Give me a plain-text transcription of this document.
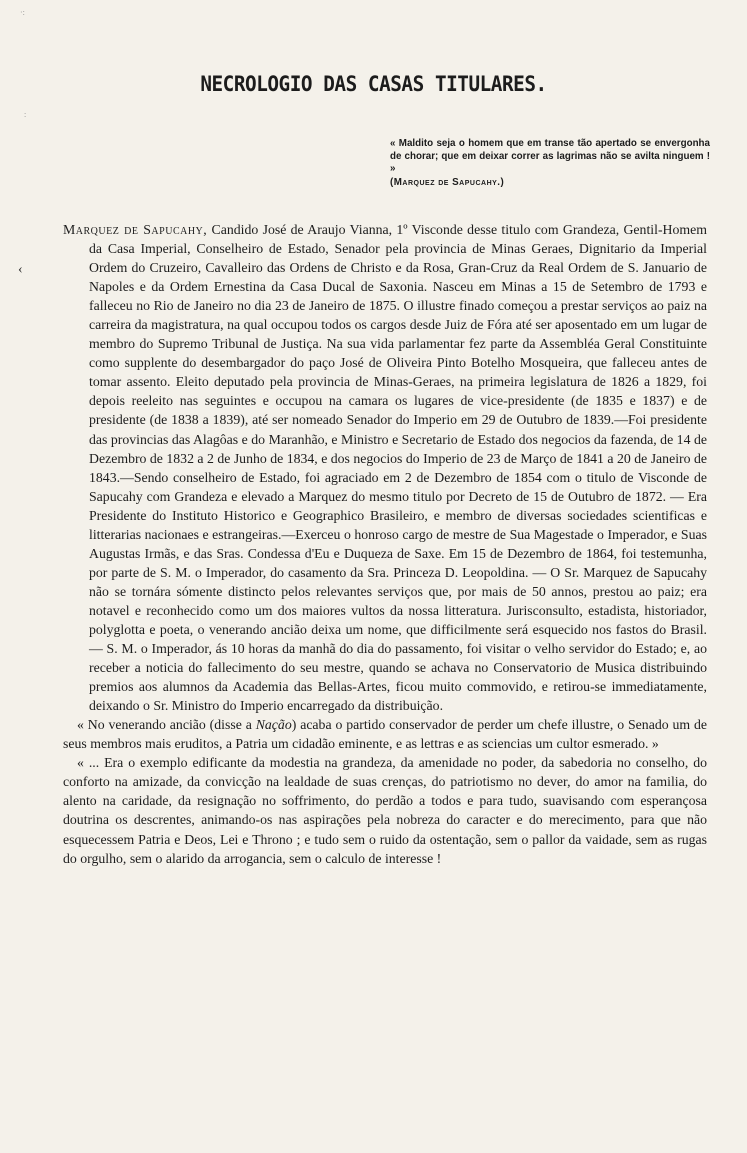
·:
:
‹
NECROLOGIO DAS CASAS TITULARES.
« Maldito seja o homem que em transe tão apertado se envergonha de chorar; que em deixar correr as lagrimas não se avilta ninguem ! »
(Marquez de Sapucahy.)

Marquez de Sapucahy, Candido José de Araujo Vianna, 1º Visconde desse titulo com Grandeza, Gentil-Homem da Casa Imperial, Conselheiro de Estado, Senador pela provincia de Minas Geraes, Dignitario da Imperial Ordem do Cruzeiro, Cavalleiro das Ordens de Christo e da Rosa, Gran-Cruz da Real Ordem de S. Januario de Napoles e da Ordem Ernestina da Casa Ducal de Saxonia. Nasceu em Minas a 15 de Setembro de 1793 e falleceu no Rio de Janeiro no dia 23 de Janeiro de 1875. O illustre finado começou a prestar serviços ao paiz na carreira da magistratura, na qual occupou todos os cargos desde Juiz de Fóra até ser aposentado em um lugar de membro do Supremo Tribunal de Justiça. Na sua vida parlamentar fez parte da Assembléa Geral Constituinte como supplente do desembargador do paço José de Oliveira Pinto Botelho Mosqueira, que falleceu antes de tomar assento. Eleito deputado pela provincia de Minas-Geraes, na primeira legislatura de 1826 a 1829, foi depois reeleito nas seguintes e occupou na camara os lugares de vice-presidente (de 1835 e 1837) e de presidente (de 1838 a 1839), até ser nomeado Senador do Imperio em 29 de Outubro de 1839.—Foi presidente das provincias das Alagôas e do Maranhão, e Ministro e Secretario de Estado dos negocios da fazenda, de 14 de Dezembro de 1832 a 2 de Junho de 1834, e dos negocios do Imperio de 23 de Março de 1841 a 20 de Janeiro de 1843.—Sendo conselheiro de Estado, foi agraciado em 2 de Dezembro de 1854 com o titulo de Visconde de Sapucahy com Grandeza e elevado a Marquez do mesmo titulo por Decreto de 15 de Outubro de 1872. — Era Presidente do Instituto Historico e Geographico Brasileiro, e membro de diversas sociedades scientificas e litterarias nacionaes e estrangeiras.—Exerceu o honroso cargo de mestre de Sua Magestade o Imperador, e Suas Augustas Irmãs, e das Sras. Condessa d'Eu e Duqueza de Saxe. Em 15 de Dezembro de 1864, foi testemunha, por parte de S. M. o Imperador, do casamento da Sra. Princeza D. Leopoldina. — O Sr. Marquez de Sapucahy não se tornára sómente distincto pelos relevantes serviços que, por mais de 50 annos, prestou ao paiz; era notavel e reconhecido como um dos maiores vultos da nossa litteratura. Jurisconsulto, estadista, historiador, polyglotta e poeta, o venerando ancião deixa um nome, que difficilmente será esquecido nos fastos do Brasil. — S. M. o Imperador, ás 10 horas da manhã do dia do passamento, foi visitar o velho servidor do Estado; e, ao receber a noticia do fallecimento do seu mestre, quando se achava no Conservatorio de Musica distribuindo premios aos alumnos da Academia das Bellas-Artes, ficou muito commovido, e retirou-se immediatamente, deixando o Sr. Ministro do Imperio encarregado da distribuição.

« No venerando ancião (disse a Nação) acaba o partido conservador de perder um chefe illustre, o Senado um de seus membros mais eruditos, a Patria um cidadão eminente, e as lettras e as sciencias um cultor esmerado. »

« ... Era o exemplo edificante da modestia na grandeza, da amenidade no poder, da sabedoria no conselho, do conforto na amizade, da convicção na lealdade de suas crenças, do patriotismo no dever, do amor na familia, do alento na caridade, da resignação no soffrimento, do perdão a todos e para tudo, suavisando com esperançosa doutrina os descrentes, animando-os nas aspirações pela nobreza do caracter e do merecimento, para que não esquecessem Patria e Deos, Lei e Throno ; e tudo sem o ruido da ostentação, sem o pallor da vaidade, sem as rugas do orgulho, sem o alarido da arrogancia, sem o calculo de interesse !
